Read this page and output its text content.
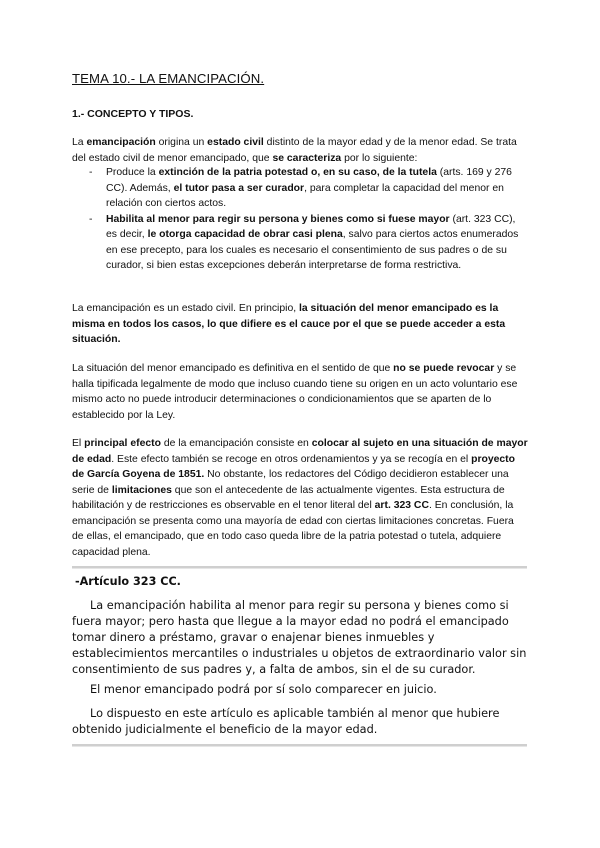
TEMA 10.- LA EMANCIPACIÓN.
1.- CONCEPTO Y TIPOS.

La emancipación origina un estado civil distinto de la mayor edad y de la menor edad. Se trata del estado civil de menor emancipado, que se caracteriza por lo siguiente:

- Produce la extinción de la patria potestad o, en su caso, de la tutela (arts. 169 y 276 CC). Además, el tutor pasa a ser curador, para completar la capacidad del menor en relación con ciertos actos.
- Habilita al menor para regir su persona y bienes como si fuese mayor (art. 323 CC), es decir, le otorga capacidad de obrar casi plena, salvo para ciertos actos enumerados en ese precepto, para los cuales es necesario el consentimiento de sus padres o de su curador, si bien estas excepciones deberán interpretarse de forma restrictiva.

La emancipación es un estado civil. En principio, la situación del menor emancipado es la misma en todos los casos, lo que difiere es el cauce por el que se puede acceder a esta situación.

La situación del menor emancipado es definitiva en el sentido de que no se puede revocar y se halla tipificada legalmente de modo que incluso cuando tiene su origen en un acto voluntario ese mismo acto no puede introducir determinaciones o condicionamientos que se aparten de lo establecido por la Ley.

El principal efecto de la emancipación consiste en colocar al sujeto en una situación de mayor de edad. Este efecto también se recoge en otros ordenamientos y ya se recogía en el proyecto de García Goyena de 1851. No obstante, los redactores del Código decidieron establecer una serie de limitaciones que son el antecedente de las actualmente vigentes. Esta estructura de habilitación y de restricciones es observable en el tenor literal del art. 323 CC. En conclusión, la emancipación se presenta como una mayoría de edad con ciertas limitaciones concretas. Fuera de ellas, el emancipado, que en todo caso queda libre de la patria potestad o tutela, adquiere capacidad plena.

-Artículo 323 CC.

La emancipación habilita al menor para regir su persona y bienes como si fuera mayor; pero hasta que llegue a la mayor edad no podrá el emancipado tomar dinero a préstamo, gravar o enajenar bienes inmuebles y establecimientos mercantiles o industriales u objetos de extraordinario valor sin consentimiento de sus padres y, a falta de ambos, sin el de su curador.

El menor emancipado podrá por sí solo comparecer en juicio.

Lo dispuesto en este artículo es aplicable también al menor que hubiere obtenido judicialmente el beneficio de la mayor edad.
